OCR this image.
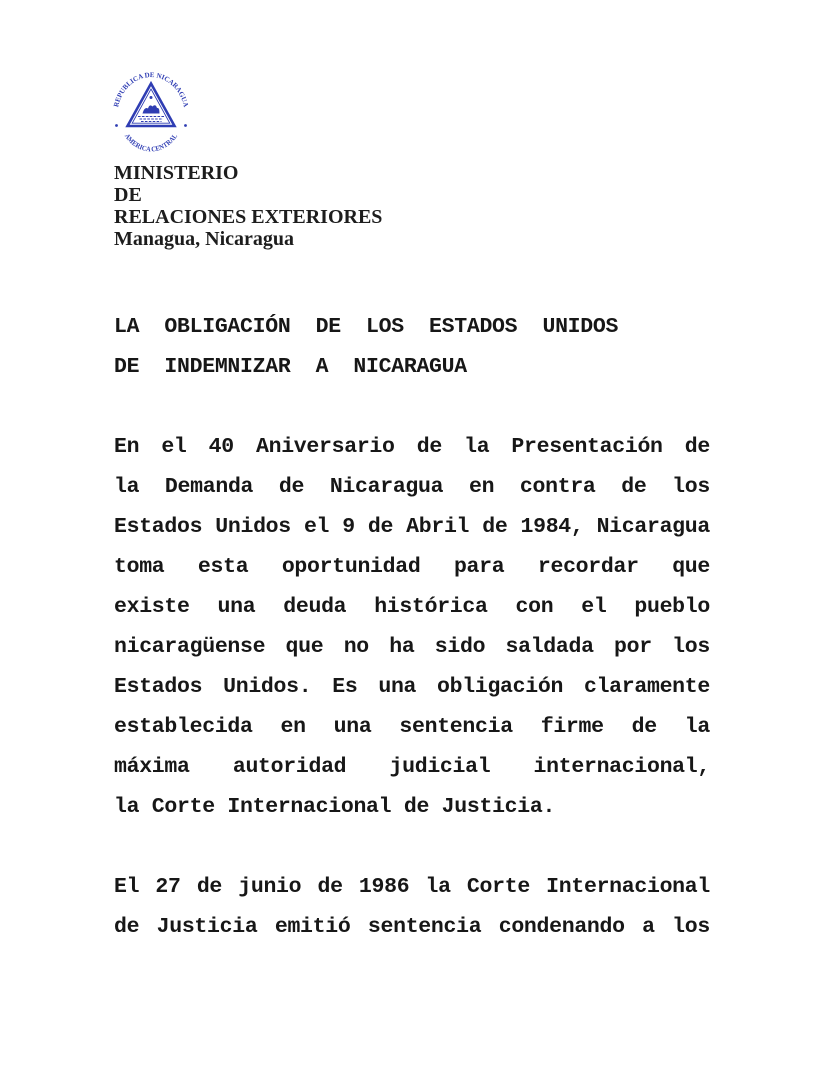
REPUBLICA DE NICARAGUA
AMERICA CENTRAL
MINISTERIO
DE
RELACIONES EXTERIORES
Managua, Nicaragua
LA OBLIGACIÓN DE LOS ESTADOS UNIDOS
DE INDEMNIZAR A NICARAGUA
En el 40 Aniversario de la Presentación de
la Demanda de Nicaragua en contra de los
Estados Unidos el 9 de Abril de 1984, Nicaragua
toma esta oportunidad para recordar que
existe una deuda histórica con el pueblo
nicaragüense que no ha sido saldada por los
Estados Unidos. Es una obligación claramente
establecida en una sentencia firme de la
máxima autoridad judicial internacional,
la Corte Internacional de Justicia.
El 27 de junio de 1986 la Corte Internacional
de Justicia emitió sentencia condenando a los
